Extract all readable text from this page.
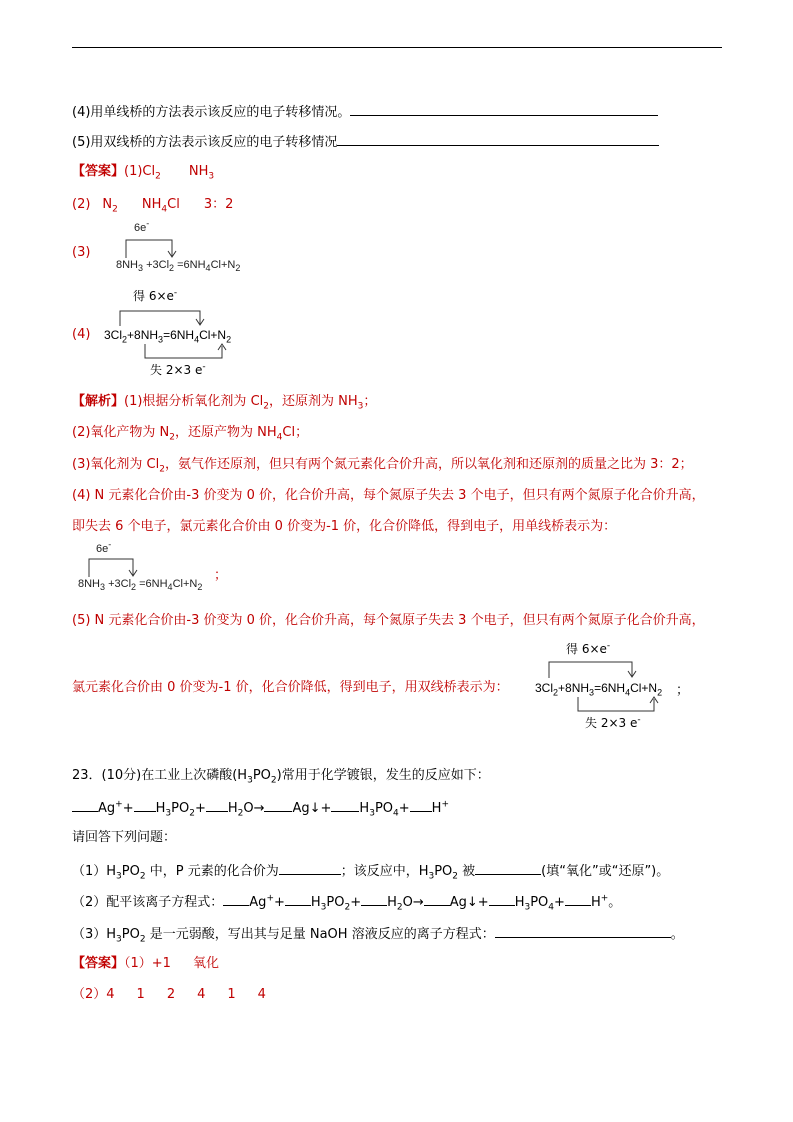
(4)用单线桥的方法表示该反应的电子转移情况。
(5)用双线桥的方法表示该反应的电子转移情况
【答案】$(1)Cl_2$ $NH_3$
(2) $N_2$ $NH_4Cl$ 3：2
(3)
6e-
$8NH_3 +3Cl_2 =6NH_4Cl+N_2$
得 6×e-
(4) $3Cl_2+8NH_3=6NH_4Cl+N_2$
失 2×3 e-
【解析】(1)根据分析氧化剂为 $Cl_2$，还原剂为 $NH_3$；
(2)氧化产物为 $N_2$，还原产物为 $NH_4Cl$；
(3)氧化剂为 $Cl_2$，氨气作还原剂，但只有两个氮元素化合价升高，所以氧化剂和还原剂的质量之比为 3：2；
(4) N 元素化合价由-3 价变为 0 价，化合价升高，每个氮原子失去 3 个电子，但只有两个氮原子化合价升高，
即失去 6 个电子，氯元素化合价由 0 价变为-1 价，化合价降低，得到电子，用单线桥表示为：
6e-
$8NH_3 +3Cl_2 =6NH_4Cl+N_2$
；
(5) N 元素化合价由-3 价变为 0 价，化合价升高，每个氮原子失去 3 个电子，但只有两个氮原子化合价升高，
得 6×e-
氯元素化合价由 0 价变为-1 价，化合价降低，得到电子，用双线桥表示为： $3Cl_2+8NH_3=6NH_4Cl+N_2$ ；
失 2×3 e-
23．(10分)在工业上次磷酸$(H_3PO_2)$常用于化学镀银，发生的反应如下：
$Ag^++ H_3PO_2+ H_2O\to$ Ag↓+ $H_3PO_4+ H^+$
请回答下列问题：
$(1)H_3PO_2$ 中，P 元素的化合价为	；该反应中，$H_3PO_2$ 被	(填“氧化”或“还原”)。
（2）配平该离子方程式： $Ag^++ H_3PO_2+ H_2O\to$ Ag↓+ $H_3PO_4+ H^+$。
$(3)H_3PO_2$ 是一元弱酸，写出其与足量 NaOH 溶液反应的离子方程式：	。
【答案】（1）+1 氧化
（2）4 1 2 4 1 4
